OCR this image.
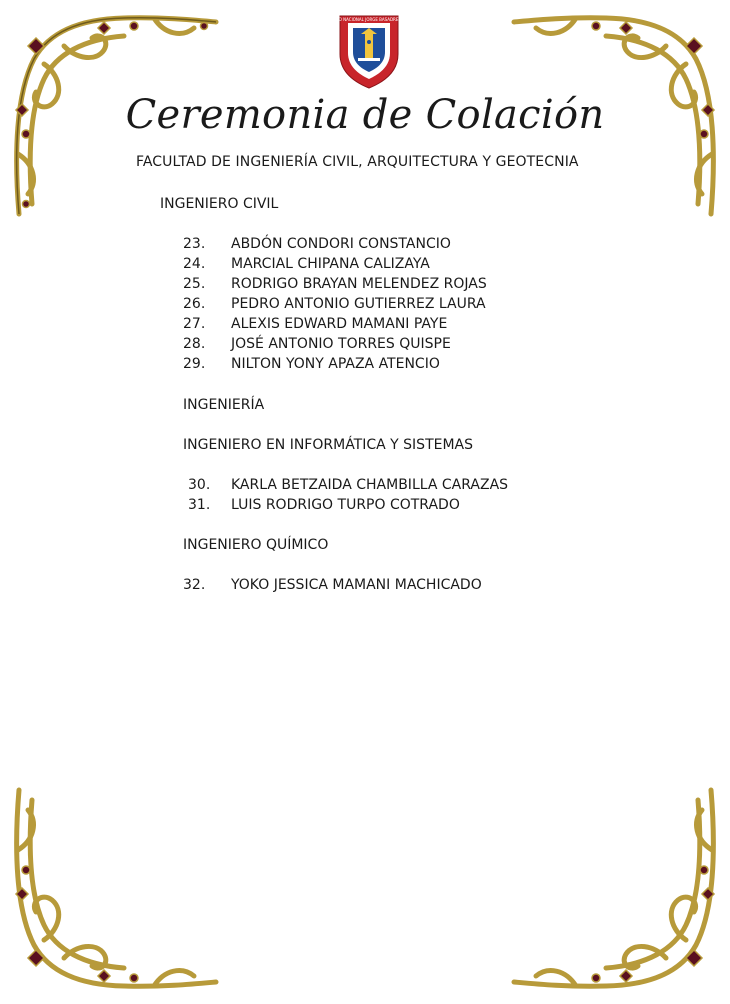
UNIVERSIDAD NACIONAL JORGE BASADRE GROHMANN
Ceremonia de Colación
FACULTAD DE INGENIERÍA CIVIL, ARQUITECTURA Y GEOTECNIA
INGENIERO CIVIL
23. ABDÓN CONDORI CONSTANCIO
24. MARCIAL CHIPANA CALIZAYA
25. RODRIGO BRAYAN MELENDEZ ROJAS
26. PEDRO ANTONIO GUTIERREZ LAURA
27. ALEXIS EDWARD MAMANI PAYE
28. JOSÉ ANTONIO TORRES QUISPE
29. NILTON YONY APAZA ATENCIO
INGENIERÍA
INGENIERO EN INFORMÁTICA Y SISTEMAS
30. KARLA BETZAIDA CHAMBILLA CARAZAS
31. LUIS RODRIGO TURPO COTRADO
INGENIERO QUÍMICO
32. YOKO JESSICA MAMANI MACHICADO
